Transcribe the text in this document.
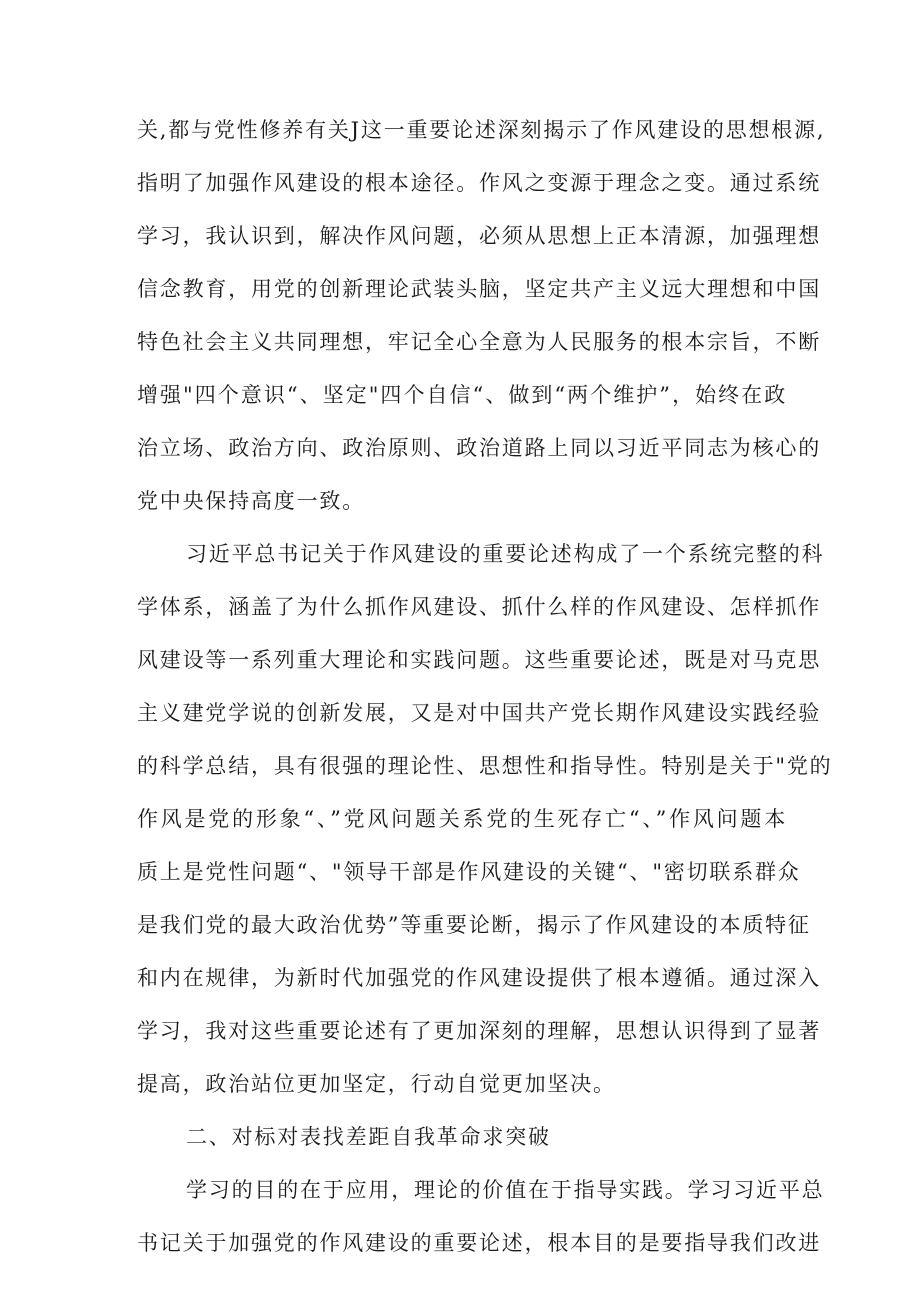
关,都与党性修养有关J这一重要论述深刻揭示了作风建设的思想根源,
指明了加强作风建设的根本途径。作风之变源于理念之变。通过系统
学习，我认识到，解决作风问题，必须从思想上正本清源，加强理想
信念教育，用党的创新理论武装头脑，坚定共产主义远大理想和中国
特色社会主义共同理想，牢记全心全意为人民服务的根本宗旨，不断
增强"四个意识“、坚定"四个自信“、做到“两个维护”，始终在政
治立场、政治方向、政治原则、政治道路上同以习近平同志为核心的
党中央保持高度一致。
习近平总书记关于作风建设的重要论述构成了一个系统完整的科
学体系，涵盖了为什么抓作风建设、抓什么样的作风建设、怎样抓作
风建设等一系列重大理论和实践问题。这些重要论述，既是对马克思
主义建党学说的创新发展，又是对中国共产党长期作风建设实践经验
的科学总结，具有很强的理论性、思想性和指导性。特别是关于"党的
作风是党的形象“、”党风问题关系党的生死存亡“、”作风问题本
质上是党性问题“、"领导干部是作风建设的关键“、"密切联系群众
是我们党的最大政治优势”等重要论断，揭示了作风建设的本质特征
和内在规律，为新时代加强党的作风建设提供了根本遵循。通过深入
学习，我对这些重要论述有了更加深刻的理解，思想认识得到了显著
提高，政治站位更加坚定，行动自觉更加坚决。
二、对标对表找差距自我革命求突破
学习的目的在于应用，理论的价值在于指导实践。学习习近平总
书记关于加强党的作风建设的重要论述，根本目的是要指导我们改进
